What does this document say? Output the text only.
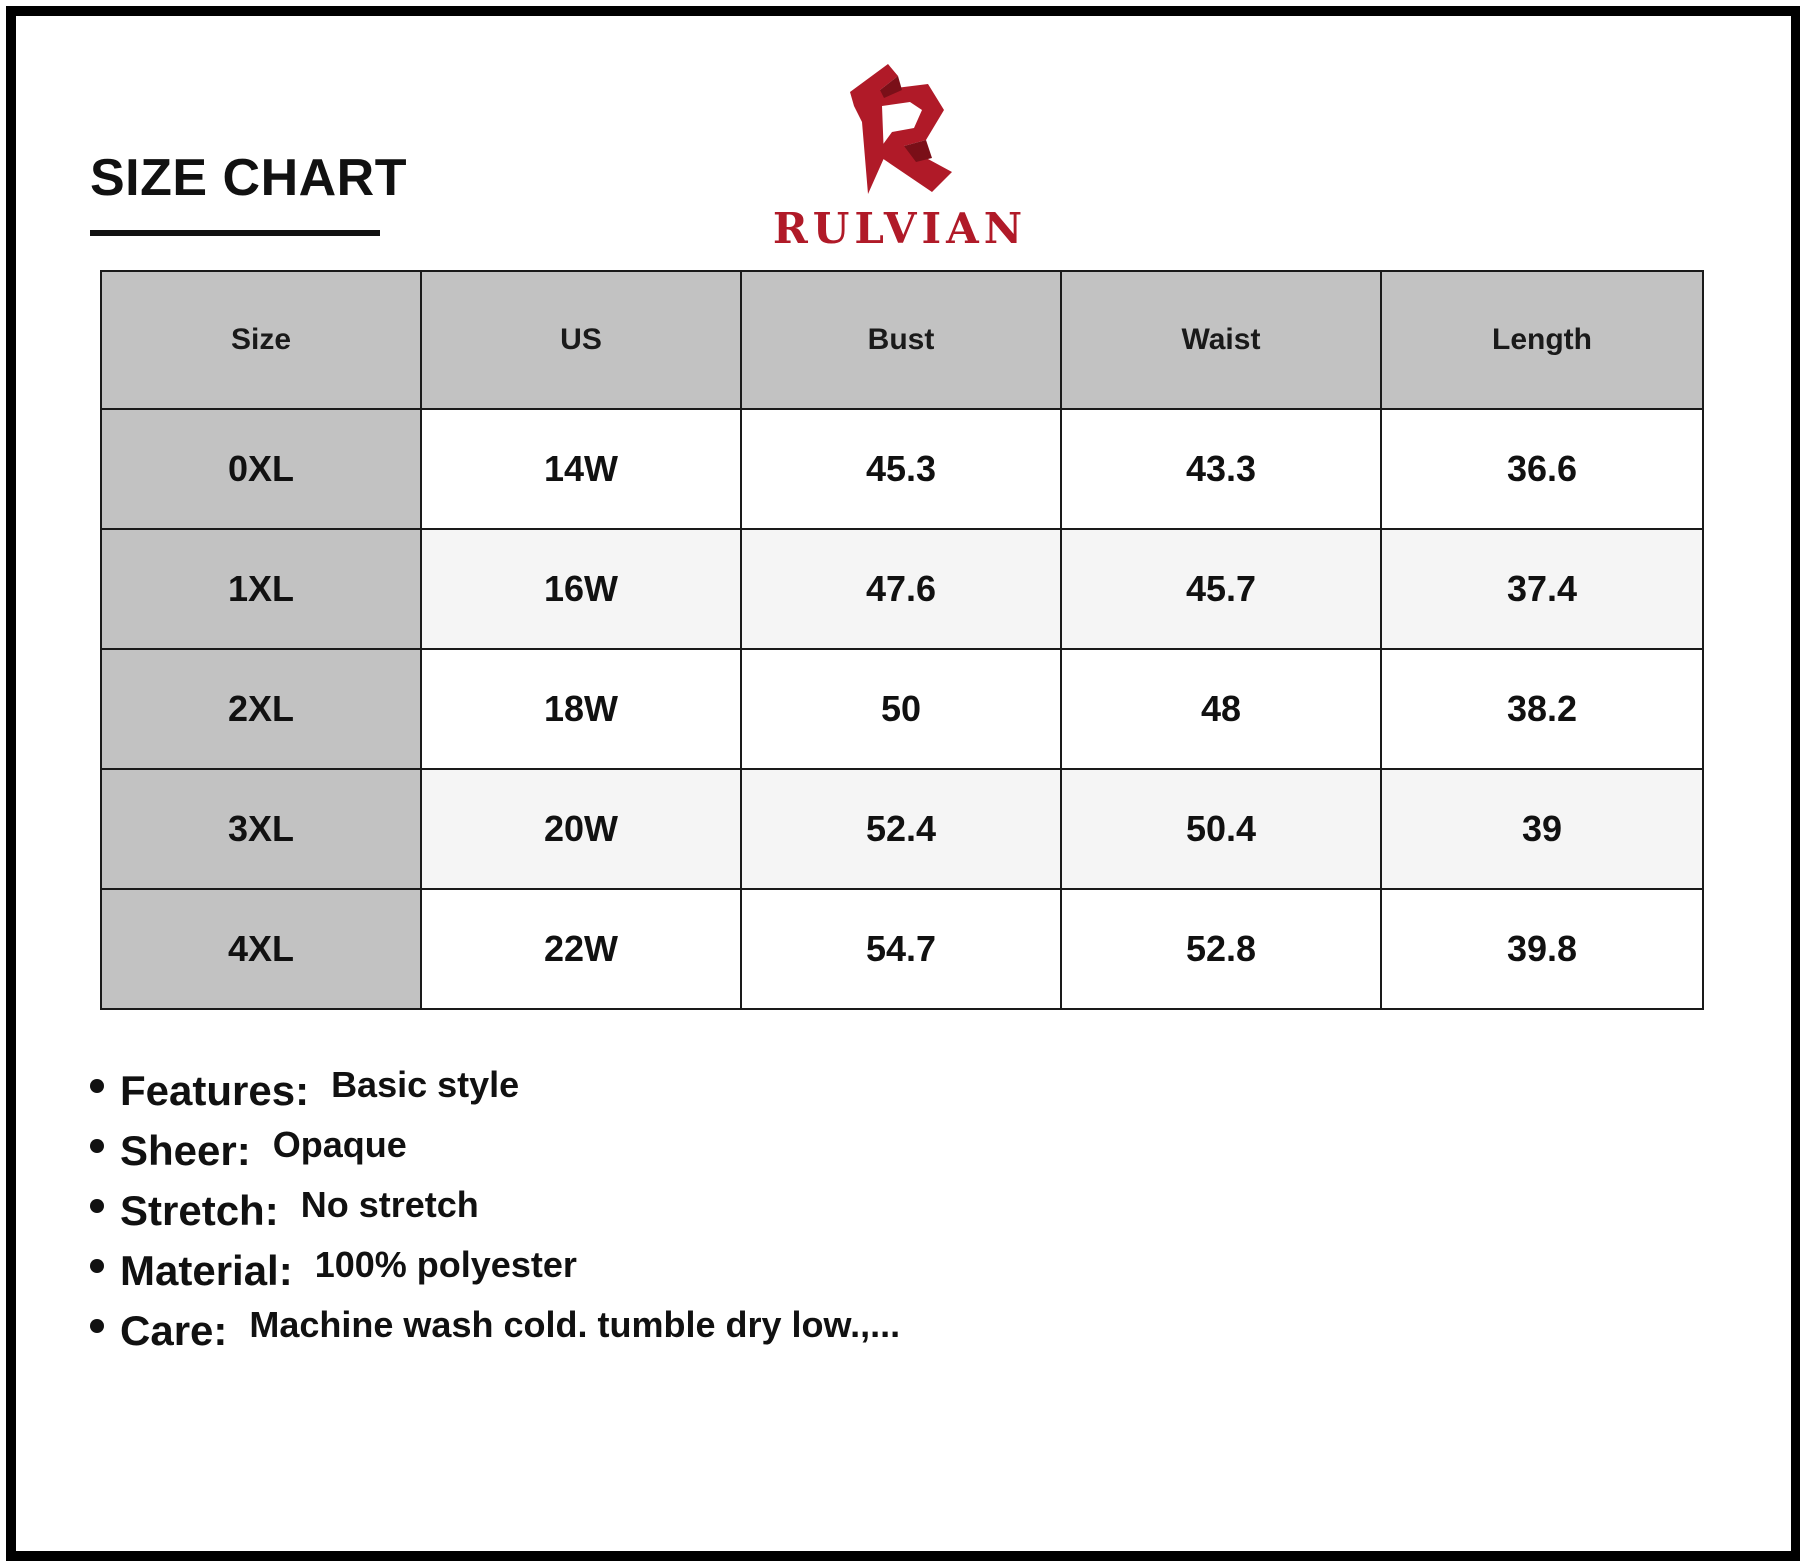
SIZE CHART
RULVIAN
Size	US	Bust	Waist	Length
0XL	14W	45.3	43.3	36.6
1XL	16W	47.6	45.7	37.4
2XL	18W	50	48	38.2
3XL	20W	52.4	50.4	39
4XL	22W	54.7	52.8	39.8
Features: Basic style
Sheer: Opaque
Stretch: No stretch
Material: 100% polyester
Care: Machine wash cold. tumble dry low.,...
